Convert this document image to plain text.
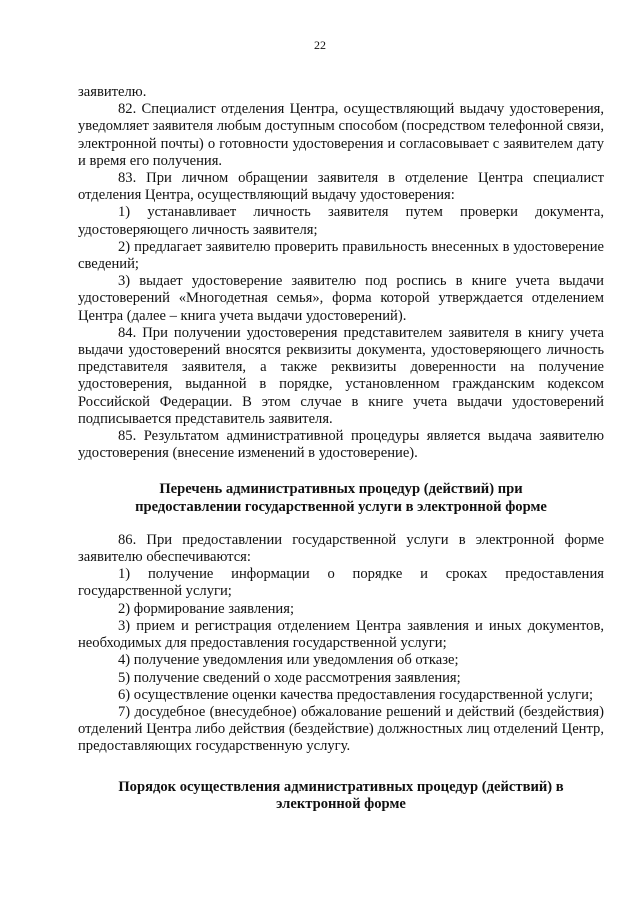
22

заявителю.

82. Специалист отделения Центра, осуществляющий выдачу удостоверения, уведомляет заявителя любым доступным способом (посредством телефонной связи, электронной почты) о готовности удостоверения и согласовывает с заявителем дату и время его получения.

83. При личном обращении заявителя в отделение Центра специалист отделения Центра, осуществляющий выдачу удостоверения:

1) устанавливает личность заявителя путем проверки документа, удостоверяющего личность заявителя;

2) предлагает заявителю проверить правильность внесенных в удостоверение сведений;

3) выдает удостоверение заявителю под роспись в книге учета выдачи удостоверений «Многодетная семья», форма которой утверждается отделением Центра (далее – книга учета выдачи удостоверений).

84. При получении удостоверения представителем заявителя в книгу учета выдачи удостоверений вносятся реквизиты документа, удостоверяющего личность представителя заявителя, а также реквизиты доверенности на получение удостоверения, выданной в порядке, установленном гражданским кодексом Российской Федерации. В этом случае в книге учета выдачи удостоверений подписывается представитель заявителя.

85. Результатом административной процедуры является выдача заявителю удостоверения (внесение изменений в удостоверение).

Перечень административных процедур (действий) при
предоставлении государственной услуги в электронной форме

86. При предоставлении государственной услуги в электронной форме заявителю обеспечиваются:

1) получение информации о порядке и сроках предоставления государственной услуги;

2) формирование заявления;

3) прием и регистрация отделением Центра заявления и иных документов, необходимых для предоставления государственной услуги;

4) получение уведомления или уведомления об отказе;

5) получение сведений о ходе рассмотрения заявления;

6) осуществление оценки качества предоставления государственной услуги;

7) досудебное (внесудебное) обжалование решений и действий (бездействия) отделений Центра либо действия (бездействие) должностных лиц отделений Центр, предоставляющих государственную услугу.

Порядок осуществления административных процедур (действий) в
электронной форме
